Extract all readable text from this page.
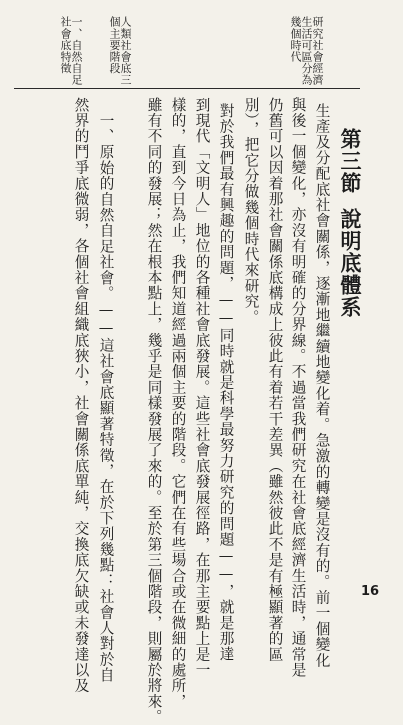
第三節說明底體系
生產及分配底社會關係，逐漸地繼續地變化着。急激的轉變是沒有的。前一個變化
與後一個變化，亦沒有明確的分界線。不過當我們研究在社會底經濟生活時，通常是
仍舊可以因着那社會關係底構成上彼此有着若干差異（雖然彼此不是有極顯著的區
別），把它分做幾個時代來研究。
對於我們最有興趣的問題，——同時就是科學最努力研究的問題——，就是那達
到現代「文明人」地位的各種社會底發展。這些社會底發展徑路，在那主要點上是一
樣的，直到今日為止，我們知道經過兩個主要的階段。它們在有些場合或在微細的處所，
雖有不同的發展；然在根本點上，幾乎是同樣發展了來的。至於第三個階段，則屬於將來。
一、原始的自然自足社會。——這社會底顯著特徵，在於下列幾點：社會人對於自
然界的鬥爭底微弱，各個社會組織底狹小，社會關係底單純，交換底欠缺或未發達以及
研究社會經濟生活可區分為幾個時代
人類社會底三個主要階段
一、自然自足社會底特徵
16
